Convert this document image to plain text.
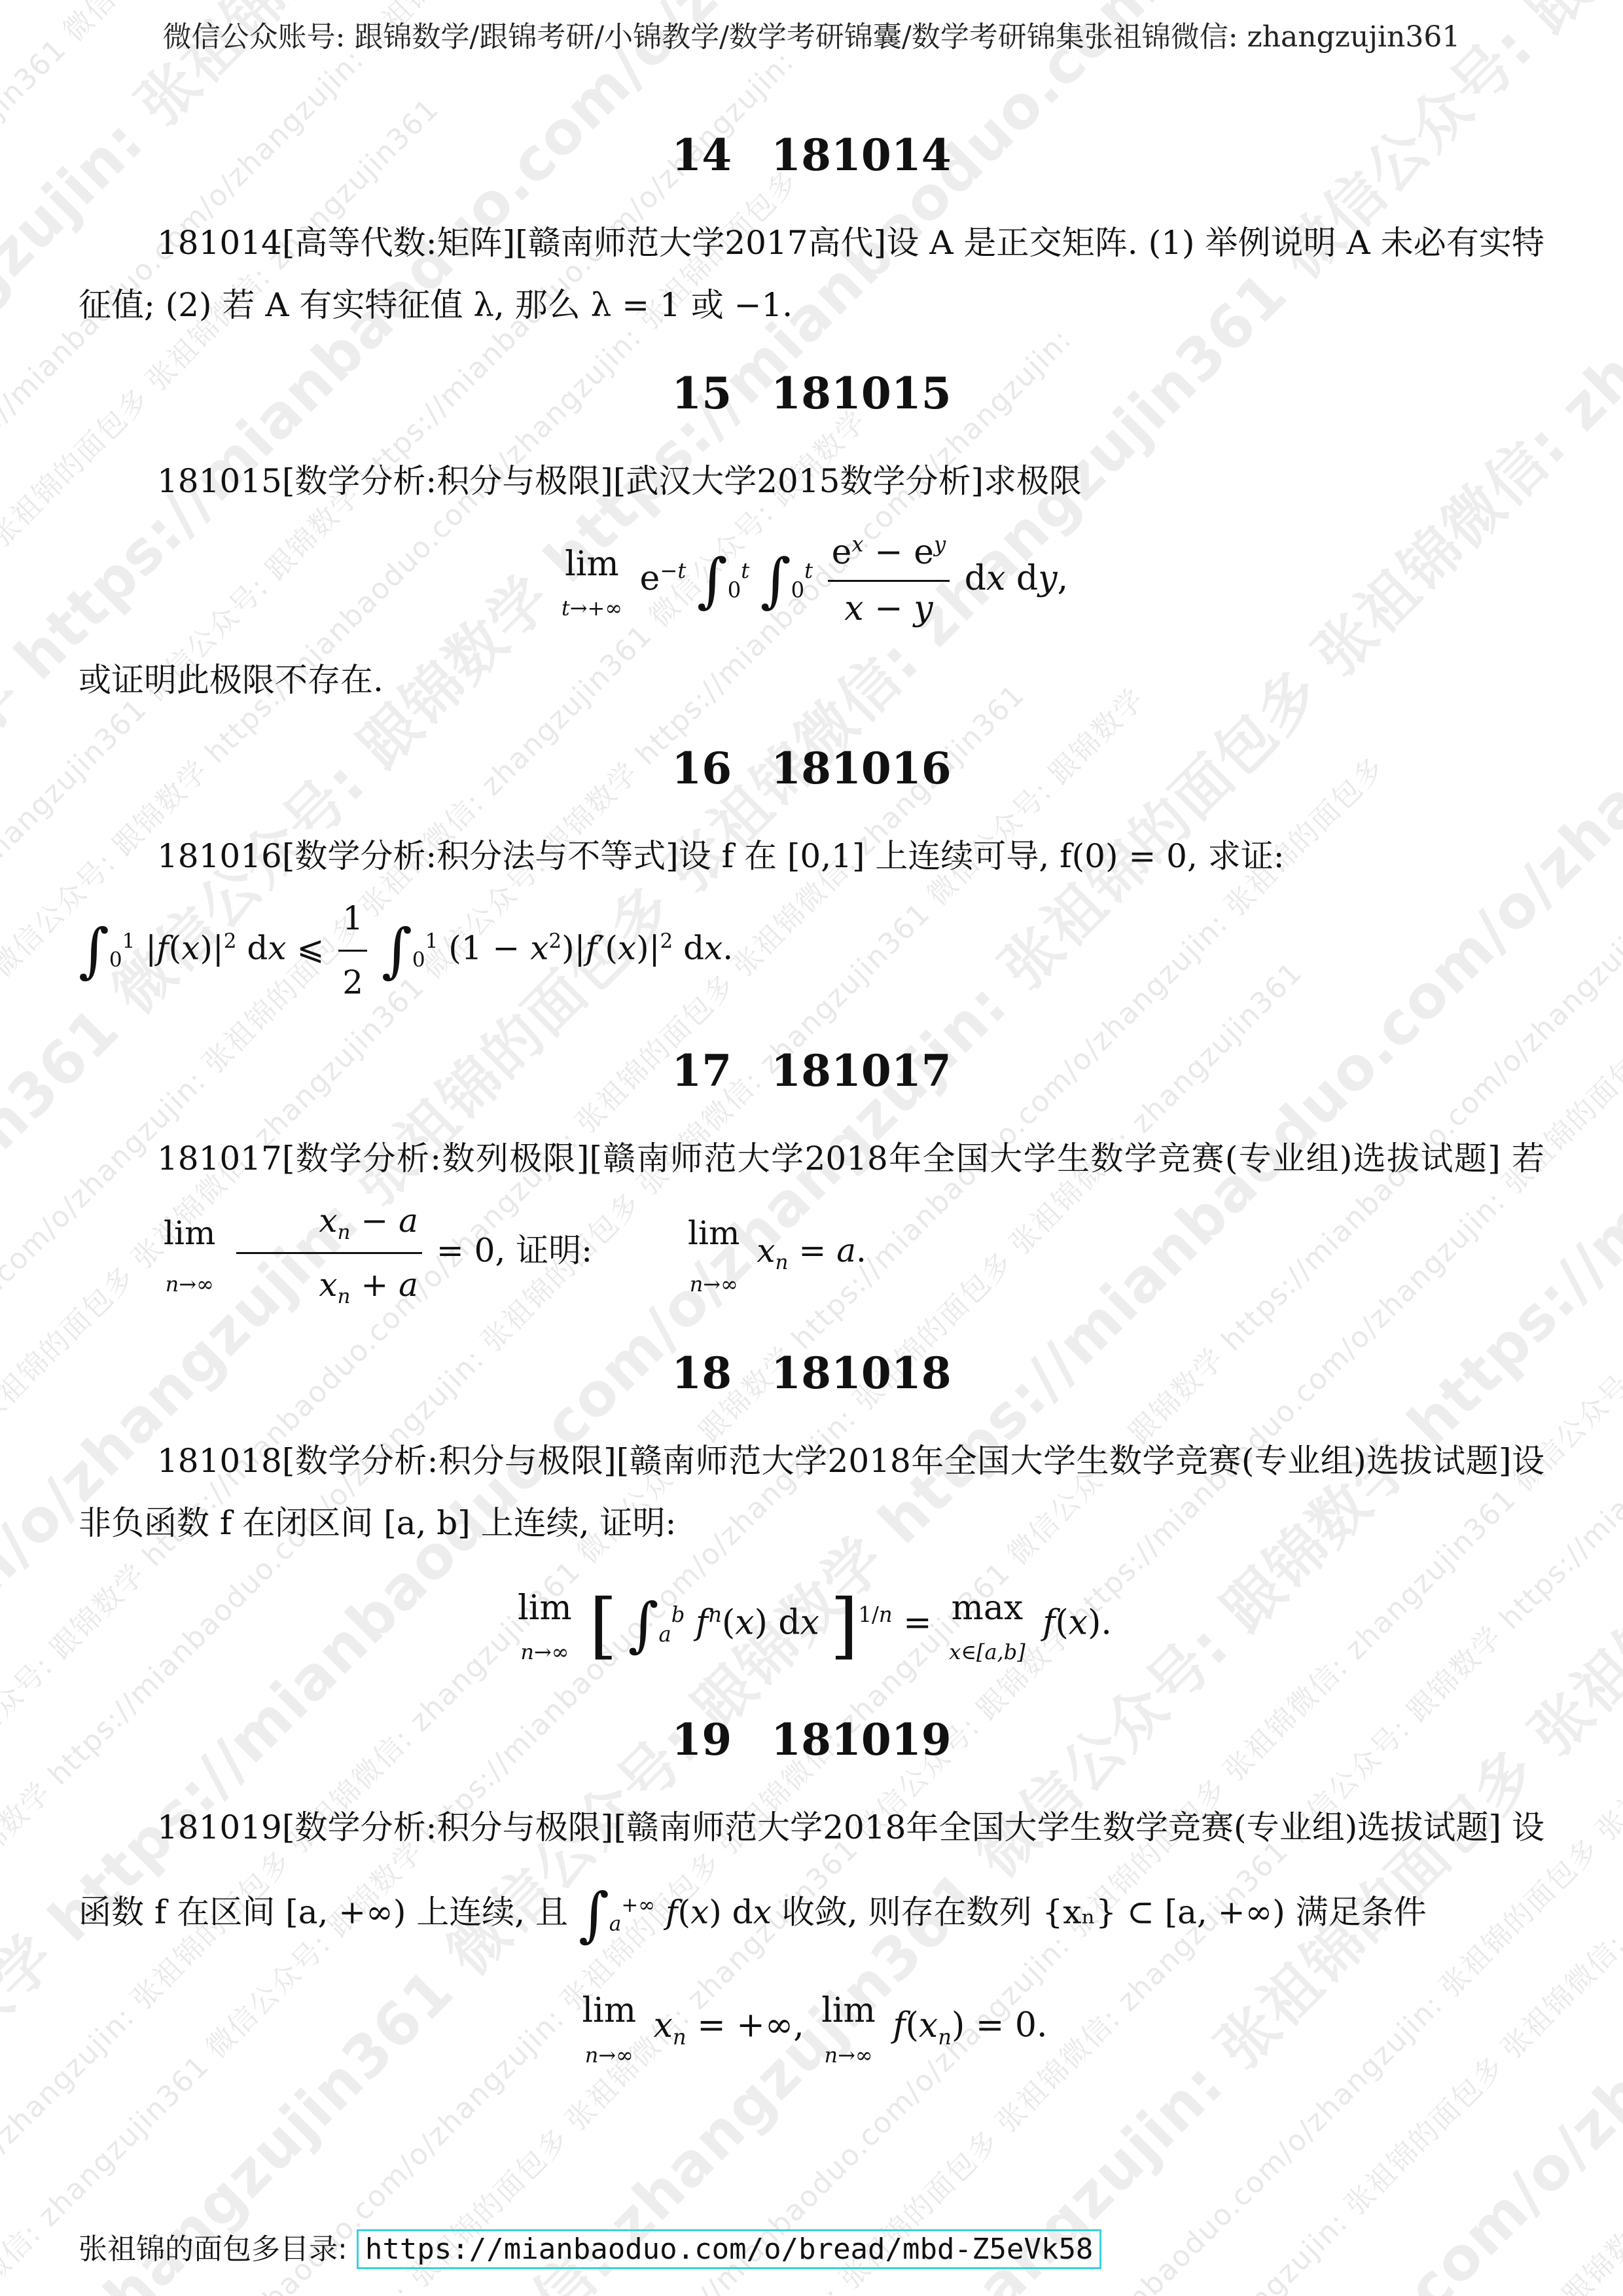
微信公众账号: 跟锦数学/跟锦考研/小锦教学/数学考研锦囊/数学考研锦集张祖锦微信: zhangzujin361
zhangzujin361
https://mianbaoduo.com/o/zhangzujin:
张祖锦的面包多 张祖锦微信: zhangzujin361
跟锦数学 https://mianbaoduo.com/o/zhangzujin:
zhangzujin361 微信公众号: 跟锦数学 https://mianbaoduo.com/o/zhangzujin:
微信公众号: 跟锦数学 https://mianbaoduo.com/o/zhangzujin: 张祖锦的面包多
zhangzujin361 微信公众号: 跟锦数学 https://mianbaoduo.com/o/zhangzujin:
https://mianbaoduo.com/o/zhangzujin: 张祖锦的面包多 张祖锦微信: zhangzujin361 微信公众号: 跟锦数学
张祖锦的面包多 张祖锦微信: zhangzujin361 微信公众号: 跟锦数学 https://mianbaoduo.com/o/zhangzujin:
https://mianbaoduo.com/o/zhangzujin: 张祖锦的面包多 张祖锦微信: zhangzujin361 微信公众号:
微信公众号: 跟锦数学 https://mianbaoduo.com/o/zhangzujin: 张祖锦的面包多 张祖锦微信: zhangzujin361
跟锦数学 https://mianbaoduo.com/o/zhangzujin: 张祖锦的面包多 张祖锦微信: zhangzujin361 微信公众号: 跟锦数学
跟锦数学 https://mianbaoduo.com/o/zhangzujin: 张祖锦的面包多 张祖锦微信: zhangzujin361
https://mianbaoduo.com/o/zhangzujin: 张祖锦的面包多 张祖锦微信: zhangzujin361 微信公众号: 跟锦数学 https://mianbaoduo.com/o/zhangzujin: 张祖锦的面包多
张祖锦微信: zhangzujin361 微信公众号: 跟锦数学 https://mianbaoduo.com/o/zhangzujin: 张祖锦的面包多 张祖锦微信: zhangzujin361
zhangzujin361 微信公众号: 跟锦数学 https://mianbaoduo.com/o/zhangzujin:
微信公众号: 跟锦数学 https://mianbaoduo.com/o/zhangzujin: 张祖锦的面包多 张祖锦微信: zhangzujin361 微信公众号: 跟锦数学 https://mianbaoduo.com/o/zhangzujin:
https://mianbaoduo.com/o/zhangzujin: 张祖锦的面包多 张祖锦微信: zhangzujin361 微信公众号: 跟锦数学 https://mianbaoduo.com/o/zhangzujin: 张祖锦的面包多
zhangzujin361 微信公众号: 跟锦数学 https://mianbaoduo.com/o/zhangzujin:
张祖锦微信: zhangzujin361 微信公众号: 跟锦数学 https://mianbaoduo.com/o/zhangzujin: 张祖锦的面包多 张祖锦微信: zhangzujin361 微信公众号: 跟锦数学
张祖锦的面包多 张祖锦微信: zhangzujin361 微信公众号: 跟锦数学 https://mianbaoduo.com/o/zhangzujin:
张祖锦的面包多 张祖锦微信:
14 181014
181014[高等代数:矩阵][赣南师范大学2017高代]设 A 是正交矩阵. (1) 举例说明 A 未必有实特征值; (2) 若 A 有实特征值 λ, 那么 λ = 1 或 −1.
15 181015
181015[数学分析:积分与极限][武汉大学2015数学分析]求极限
lim
t→+∞
$e^{-t}$ $\int_0^t$ $\int_0^t \frac{e^x - e^y}{x - y}$ dx dy,
或证明此极限不存在.
16 181016
181016[数学分析:积分法与不等式]设 f 在 [0,1] 上连续可导, f(0) = 0, 求证:
$\int_0^1$ $|f(x)|^2$ dx ⩽ $\frac{1}{2} \int_0^1$ $(1 - x^2)|f'(x)|^2$ dx.
17 181017
181017[数学分析:数列极限][赣南师范大学2018年全国大学生数学竞赛(专业组)选拔试题] 若 lim
n→∞
$\frac{x_n - a}{x_n + a} = 0$, 证明:	lim
n→∞
$x_n = a$.
18 181018
181018[数学分析:积分与极限][赣南师范大学2018年全国大学生数学竞赛(专业组)选拔试题]设非负函数 f 在闭区间 [a, b] 上连续, 证明:
lim
n→∞ [ $\int_a^b$ $f^n(x)$ dx ]$^{1/n}$ = max
x∈[a,b]
f(x).
19 181019
181019[数学分析:积分与极限][赣南师范大学2018年全国大学生数学竞赛(专业组)选拔试题] 设函数 f 在区间 [a, +∞) 上连续, 且 $\int_a^{+\infty}$ f(x) dx 收敛, 则存在数列 {xₙ} ⊂ [a, +∞) 满足条件
lim
n→∞
$x_n$ = +∞, lim
n→∞
$f(x_n) = 0$.
张祖锦的面包多目录: https://mianbaoduo.com/o/bread/mbd-Z5eVk58
